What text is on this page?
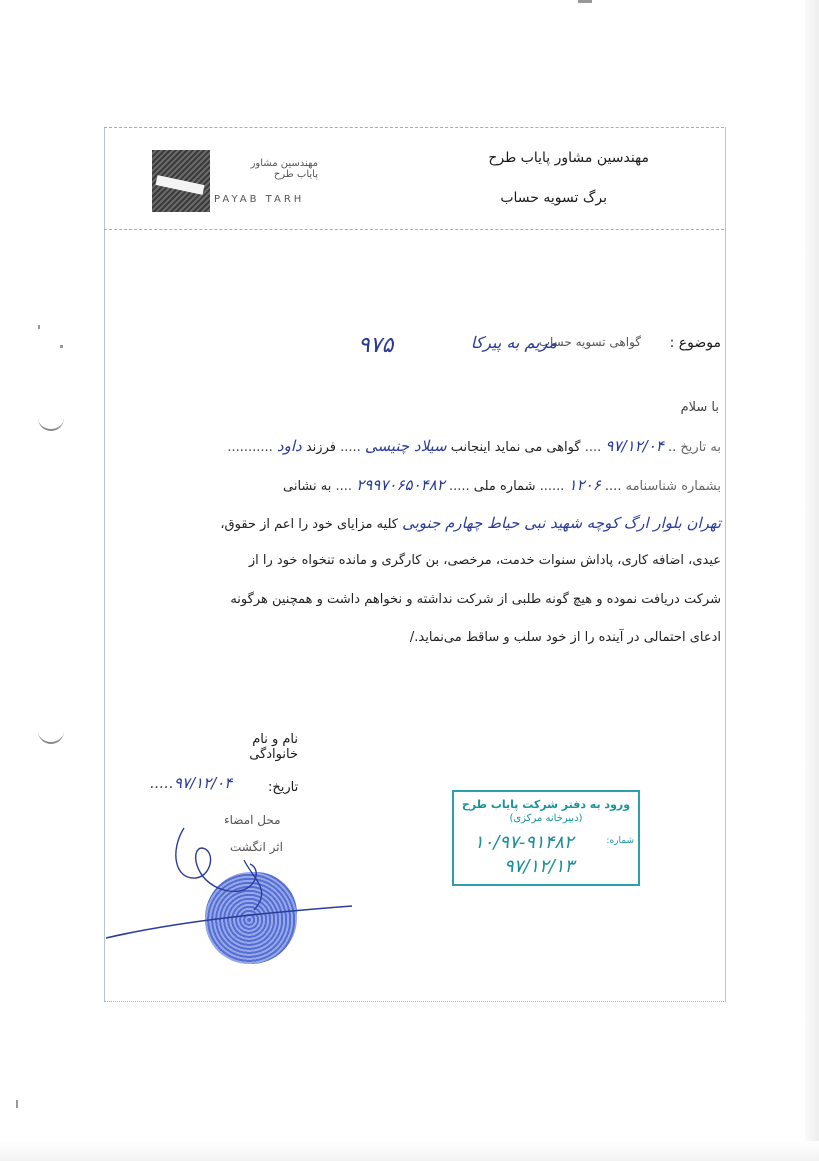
مهندسین مشاور پایاب طرح
PAYAB TARH
مهندسین مشاور پایاب طرح
برگ تسویه حساب
موضوع :
گواهی تسویه حساب
مریم به پیرکا
۹۷۵
با سلام
به تاریخ .. ۹۷/۱۲/۰۴ .... گواهی می نماید اینجانب سیلاد چنیسی ..... فرزند داود ...........
بشماره شناسنامه .... ۱۲۰۶ ...... شماره ملی ..... ۲۹۹۷۰۶۵۰۴۸۲ .... به نشانی
تهران بلوار ارگ کوچه شهید نبی حیاط چهارم جنوبی کلیه مزایای خود را اعم از حقوق،
عیدی، اضافه کاری، پاداش سنوات خدمت، مرخصی، بن کارگری و مانده تنخواه خود را از
شرکت دریافت نموده و هیچ گونه طلبی از شرکت نداشته و نخواهم داشت و همچنین هرگونه
ادعای احتمالی در آینده را از خود سلب و ساقط می‌نماید./
نام و نام خانوادگی
تاریخ:
.....۹۷/۱۲/۰۴
محل امضاء
اثر انگشت
ورود به دفتر شرکت پایاب طرح
(دبیرخانه مرکزی)
شماره:
۱۰/۹۷-۹۱۴۸۲
۹۷/۱۲/۱۳
